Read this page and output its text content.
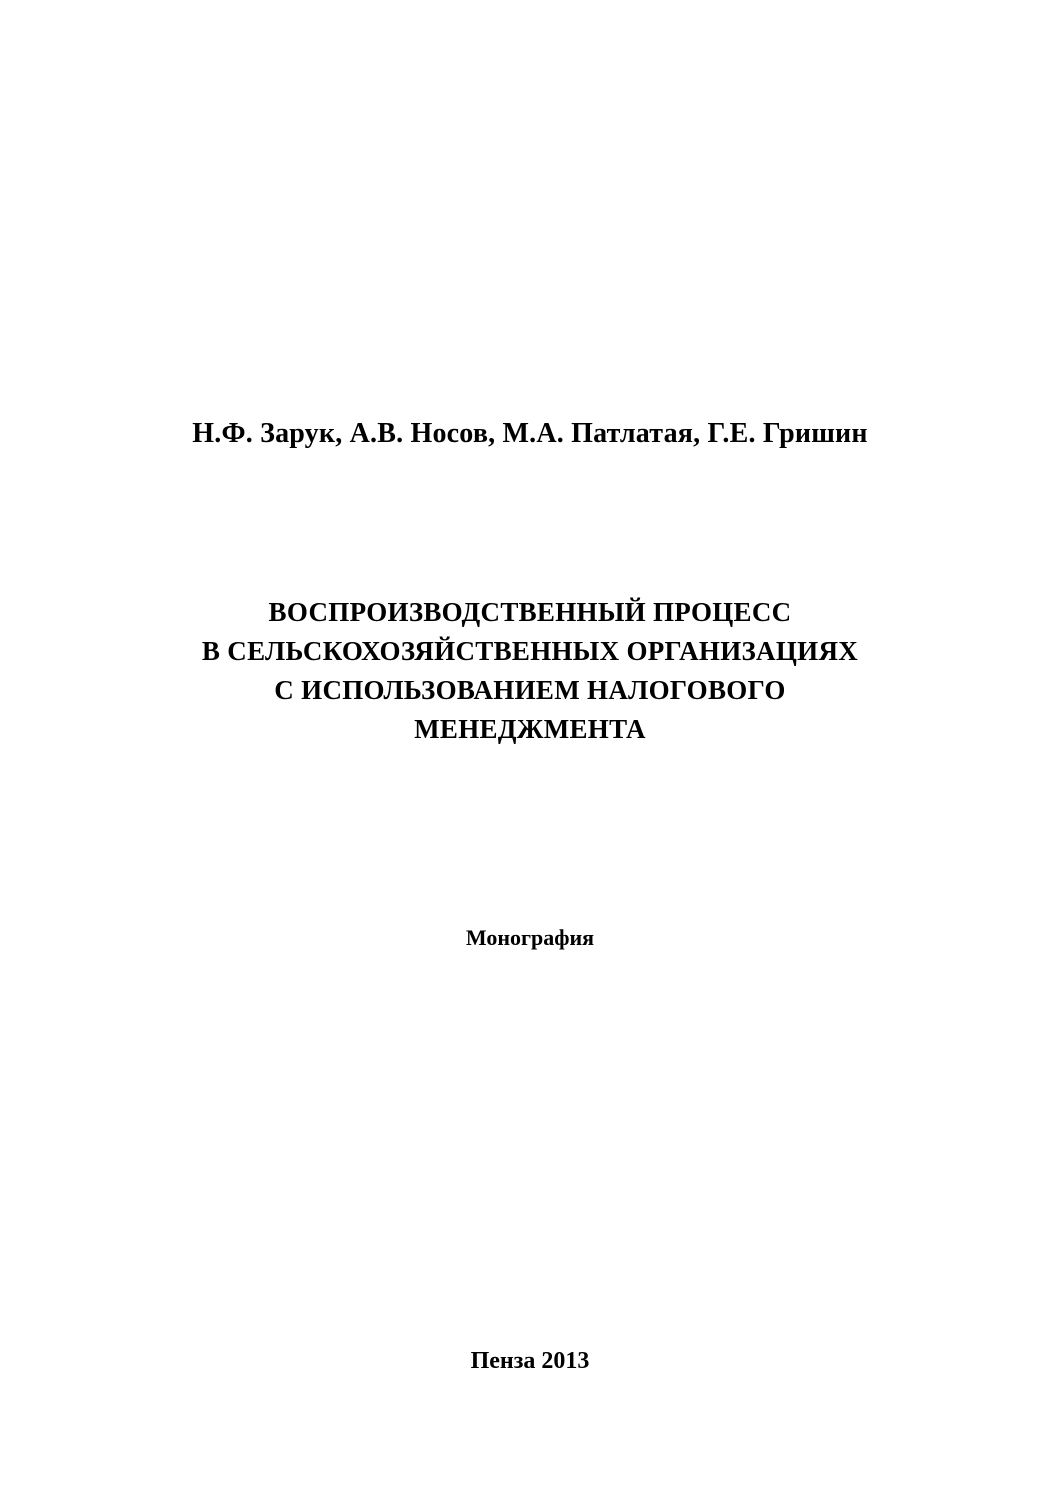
Н.Ф. Зарук, А.В. Носов, М.А. Патлатая, Г.Е. Гришин
ВОСПРОИЗВОДСТВЕННЫЙ ПРОЦЕСС
В СЕЛЬСКОХОЗЯЙСТВЕННЫХ ОРГАНИЗАЦИЯХ
С ИСПОЛЬЗОВАНИЕМ НАЛОГОВОГО
МЕНЕДЖМЕНТА
Монография
Пенза 2013
